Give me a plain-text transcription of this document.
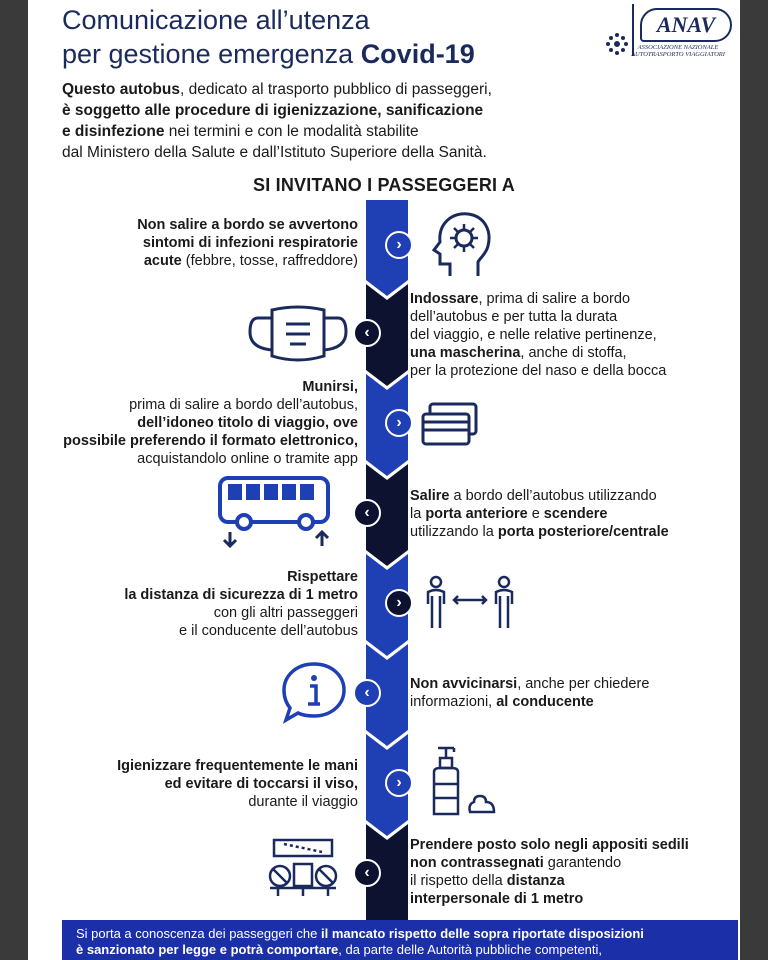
Comunicazione all’utenza
per gestione emergenza Covid-19
ANAV
ASSOCIAZIONE NAZIONALE AUTOTRASPORTO VIAGGIATORI
Questo autobus, dedicato al trasporto pubblico di passeggeri,
è soggetto alle procedure di igienizzazione, sanificazione
e disinfezione nei termini e con le modalità stabilite
dal Ministero della Salute e dall’Istituto Superiore della Sanità.
SI INVITANO I PASSEGGERI A
Non salire a bordo se avvertono
sintomi di infezioni respiratorie
acute (febbre, tosse, raffreddore)
›
Indossare, prima di salire a bordo
dell’autobus e per tutta la durata
del viaggio, e nelle relative pertinenze,
una mascherina, anche di stoffa,
per la protezione del naso e della bocca
‹
Munirsi,
prima di salire a bordo dell’autobus,
dell’idoneo titolo di viaggio, ove
possibile preferendo il formato elettronico,
acquistandolo online o tramite app
›
Salire a bordo dell’autobus utilizzando
la porta anteriore e scendere
utilizzando la porta posteriore/centrale
‹
Rispettare
la distanza di sicurezza di 1 metro
con gli altri passeggeri
e il conducente dell’autobus
›
Non avvicinarsi, anche per chiedere
informazioni, al conducente
‹
Igienizzare frequentemente le mani
ed evitare di toccarsi il viso,
durante il viaggio
›
Prendere posto solo negli appositi sedili
non contrassegnati garantendo
il rispetto della distanza
interpersonale di 1 metro
‹
Si porta a conoscenza dei passeggeri che il mancato rispetto delle sopra riportate disposizioni
è sanzionato per legge e potrà comportare, da parte delle Autorità pubbliche competenti,
